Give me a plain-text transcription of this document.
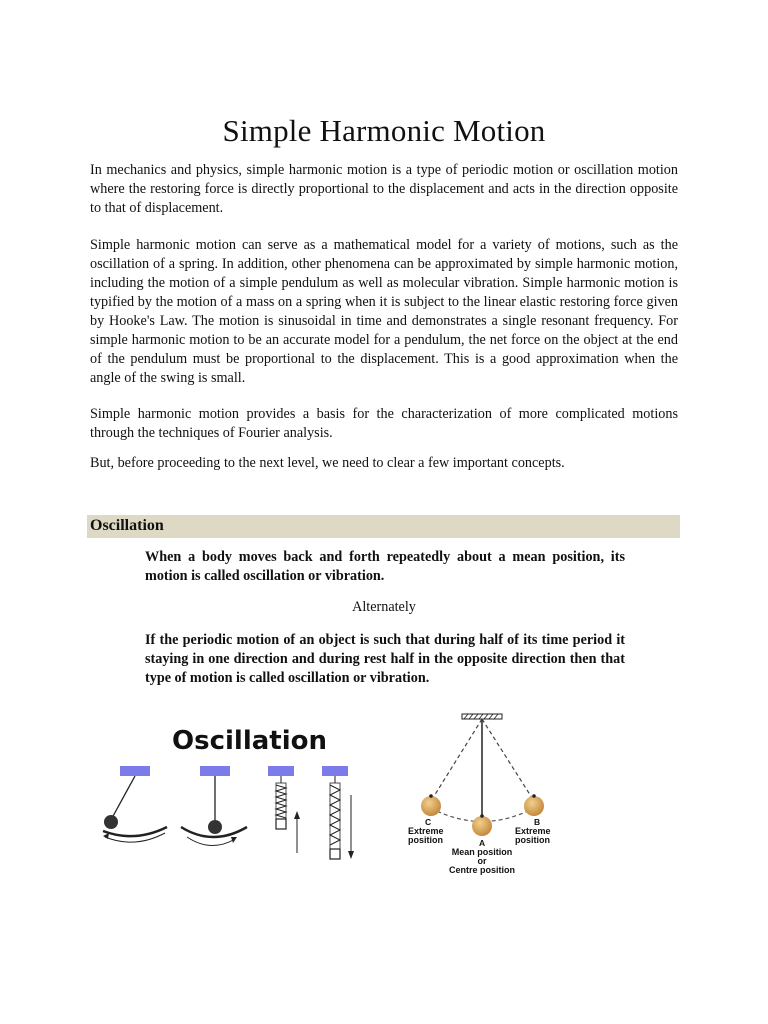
Simple Harmonic Motion

In mechanics and physics, simple harmonic motion is a type of periodic motion or oscillation motion where the restoring force is directly proportional to the displacement and acts in the direction opposite to that of displacement.

Simple harmonic motion can serve as a mathematical model for a variety of motions, such as the oscillation of a spring. In addition, other phenomena can be approximated by simple harmonic motion, including the motion of a simple pendulum as well as molecular vibration. Simple harmonic motion is typified by the motion of a mass on a spring when it is subject to the linear elastic restoring force given by Hooke's Law. The motion is sinusoidal in time and demonstrates a single resonant frequency. For simple harmonic motion to be an accurate model for a pendulum, the net force on the object at the end of the pendulum must be proportional to the displacement. This is a good approximation when the angle of the swing is small.

Simple harmonic motion provides a basis for the characterization of more complicated motions through the techniques of Fourier analysis.

But, before proceeding to the next level, we need to clear a few important concepts.

Oscillation

When a body moves back and forth repeatedly about a mean position, its motion is called oscillation or vibration.

Alternately

If the periodic motion of an object is such that during half of its time period it staying in one direction and during rest half in the opposite direction then that type of motion is called oscillation or vibration.

Oscillation
C
Extreme
position
B
Extreme
position
A
Mean position
or
Centre position
